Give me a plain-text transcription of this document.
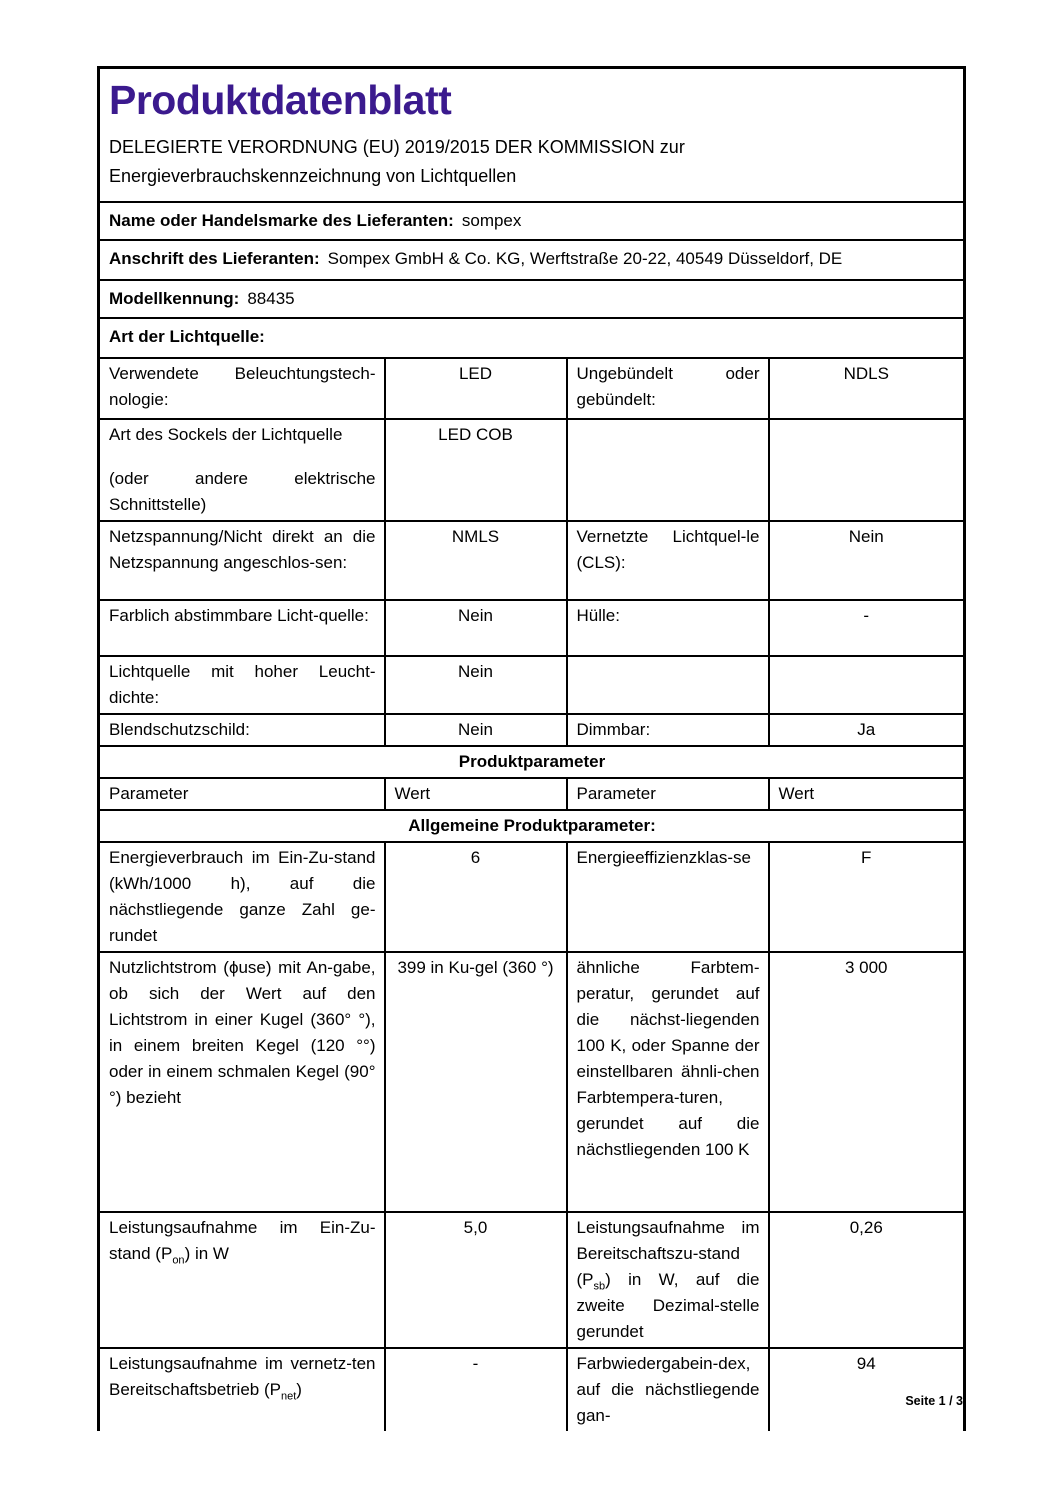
Produktdatenblatt

DELEGIERTE VERORDNUNG (EU) 2019/2015 DER KOMMISSION zur Energieverbrauchskennzeichnung von Lichtquellen

Name oder Handelsmarke des Lieferanten: sompex			
Anschrift des Lieferanten: Sompex GmbH & Co. KG, Werftstraße 20-22, 40549 Düsseldorf, DE			
Modellkennung: 88435			
Art der Lichtquelle:			
Verwendete Beleuchtungstech-nologie:	LED	Ungebündelt oder gebündelt:	NDLS

Art des Sockels der Lichtquelle
(oder andere elektrische Schnittstelle)	LED COB		
Netzspannung/Nicht direkt an die Netzspannung angeschlos-sen:	NMLS	Vernetzte Lichtquel-le (CLS):	Nein
Farblich abstimmbare Licht-quelle:	Nein	Hülle:	-
Lichtquelle mit hoher Leucht-dichte:	Nein		
Blendschutzschild:	Nein	Dimmbar:	Ja
Produktparameter			
Parameter	Wert	Parameter	Wert
Allgemeine Produktparameter:			
Energieverbrauch im Ein-Zu-stand (kWh/1000 h), auf die nächstliegende ganze Zahl ge-rundet	6	Energieeffizienzklas-se	F
Nutzlichtstrom (ϕuse) mit An-gabe, ob sich der Wert auf den Lichtstrom in einer Kugel (360° °), in einem breiten Kegel (120 °°) oder in einem schmalen Kegel (90° °) bezieht	399 in Ku-gel (360 °)	ähnliche Farbtem-peratur, gerundet auf die nächst-liegenden 100 K, oder Spanne der einstellbaren ähnli-chen Farbtempera-turen, gerundet auf die nächstliegenden 100 K	3 000
Leistungsaufnahme im Ein-Zu-stand $(P_{on})$ in W	5,0	Leistungsaufnahme im Bereitschaftszu-stand $(P_{sb})$ in W, auf die zweite Dezimal-stelle gerundet	0,26
Leistungsaufnahme im vernetz-ten Bereitschaftsbetrieb $(P_{net})$	-	Farbwiedergabein-dex, auf die nächstliegende gan-	94
Seite 1 / 3
